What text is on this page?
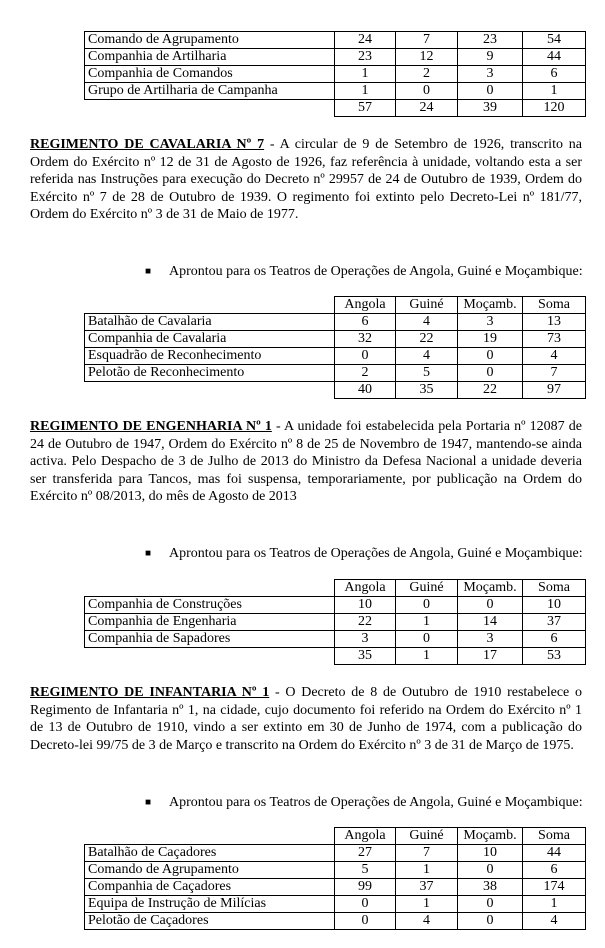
Comando de Agrupamento	24	7	23	54
Companhia de Artilharia	23	12	9	44
Companhia de Comandos	1	2	3	6
Grupo de Artilharia de Campanha	1	0	0	1
	57	24	39	120
REGIMENTO DE CAVALARIA Nº 7 - A circular de 9 de Setembro de 1926, transcrito na Ordem do Exército nº 12 de 31 de Agosto de 1926, faz referência à unidade, voltando esta a ser referida nas Instruções para execução do Decreto nº 29957 de 24 de Outubro de 1939, Ordem do Exército nº 7 de 28 de Outubro de 1939. O regimento foi extinto pelo Decreto-Lei nº 181/77, Ordem do Exército nº 3 de 31 de Maio de 1977.
■ Aprontou para os Teatros de Operações de Angola, Guiné e Moçambique:
	Angola	Guiné	Moçamb.	Soma
Batalhão de Cavalaria	6	4	3	13
Companhia de Cavalaria	32	22	19	73
Esquadrão de Reconhecimento	0	4	0	4
Pelotão de Reconhecimento	2	5	0	7
	40	35	22	97
REGIMENTO DE ENGENHARIA Nº 1 - A unidade foi estabelecida pela Portaria nº 12087 de 24 de Outubro de 1947, Ordem do Exército nº 8 de 25 de Novembro de 1947, mantendo-se ainda activa. Pelo Despacho de 3 de Julho de 2013 do Ministro da Defesa Nacional a unidade deveria ser transferida para Tancos, mas foi suspensa, temporariamente, por publicação na Ordem do Exército nº 08/2013, do mês de Agosto de 2013
■ Aprontou para os Teatros de Operações de Angola, Guiné e Moçambique:
	Angola	Guiné	Moçamb.	Soma
Companhia de Construções	10	0	0	10
Companhia de Engenharia	22	1	14	37
Companhia de Sapadores	3	0	3	6
	35	1	17	53
REGIMENTO DE INFANTARIA Nº 1 - O Decreto de 8 de Outubro de 1910 restabelece o Regimento de Infantaria nº 1, na cidade, cujo documento foi referido na Ordem do Exército nº 1 de 13 de Outubro de 1910, vindo a ser extinto em 30 de Junho de 1974, com a publicação do Decreto-lei 99/75 de 3 de Março e transcrito na Ordem do Exército nº 3 de 31 de Março de 1975.
■ Aprontou para os Teatros de Operações de Angola, Guiné e Moçambique:
	Angola	Guiné	Moçamb.	Soma
Batalhão de Caçadores	27	7	10	44
Comando de Agrupamento	5	1	0	6
Companhia de Caçadores	99	37	38	174
Equipa de Instrução de Milícias	0	1	0	1
Pelotão de Caçadores	0	4	0	4
